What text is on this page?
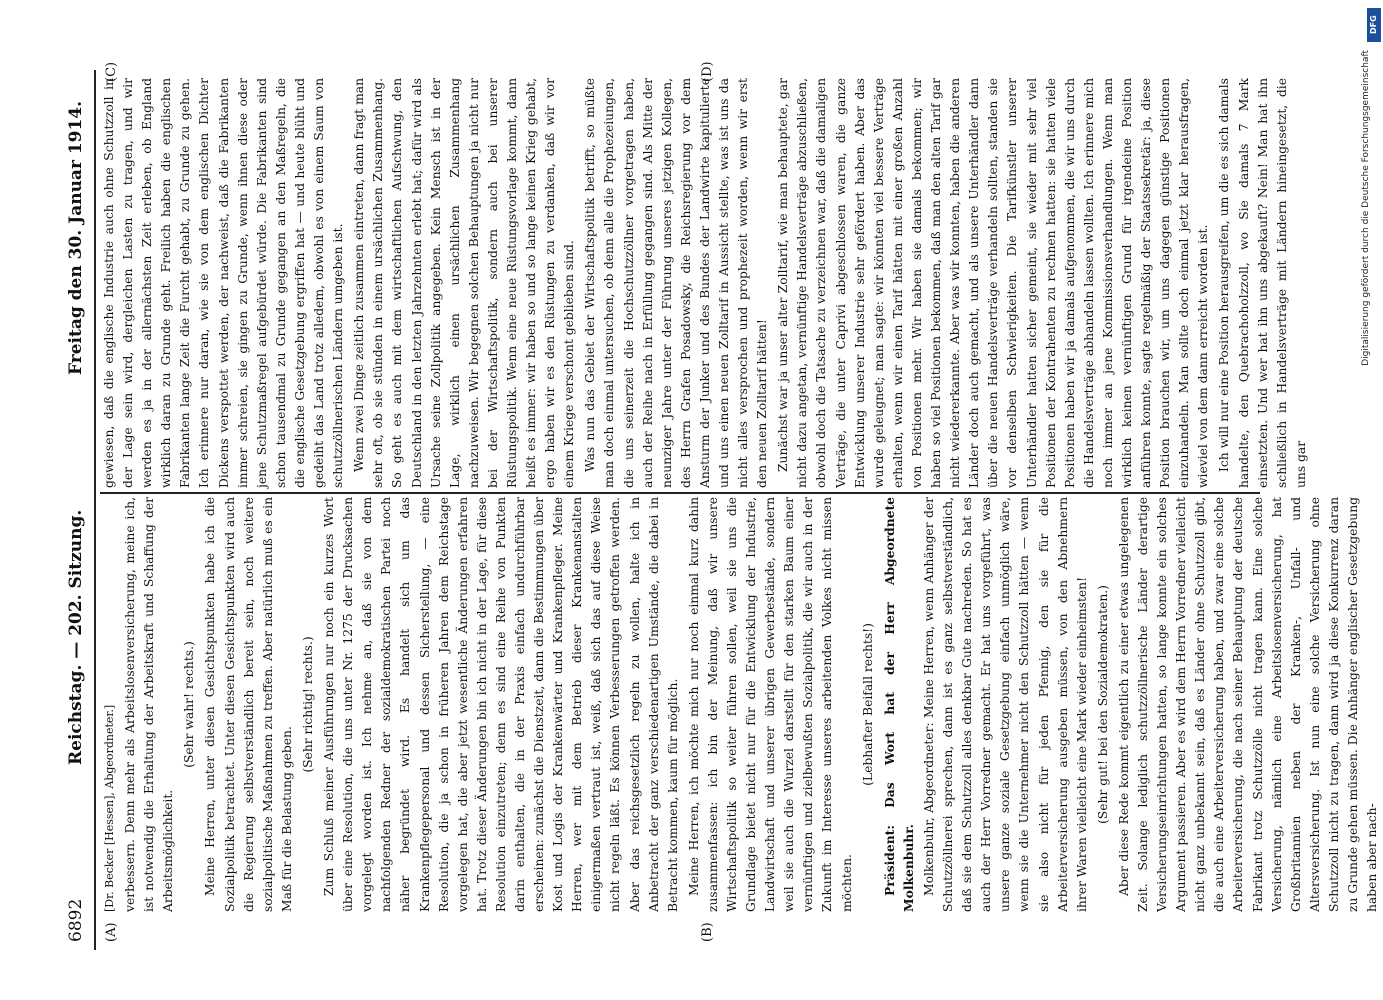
6892
Reichstag. — 202. Sitzung.
Freitag den 30. Januar 1914.
(A)	(B)
(C)	(D)

[Dr. Becker [Hessen], Abgeordneter.] verbessern. Denn mehr als Arbeitslosenversicherung, meine ich, ist notwendig die Erhaltung der Arbeitskraft und Schaffung der Arbeitsmöglichkeit.

(Sehr wahr! rechts.) Meine Herren, unter diesen Gesichtspunkten habe ich die Sozialpolitik betrachtet. Unter diesen Gesichtspunkten wird auch die Regierung selbstverständlich bereit sein, noch weitere sozialpolitische Maßnahmen zu treffen. Aber natürlich muß es ein Maß für die Belastung geben.

(Sehr richtig! rechts.) Zum Schluß meiner Ausführungen nur noch ein kurzes Wort über eine Resolution, die uns unter Nr. 1275 der Drucksachen vorgelegt worden ist. Ich nehme an, daß sie von dem nachfolgenden Redner der sozialdemokratischen Partei noch näher begründet wird. Es handelt sich um das Krankenpflegepersonal und dessen Sicherstellung, — eine Resolution, die ja schon in früheren Jahren dem Reichstage vorgelegen hat, die aber jetzt wesentliche Änderungen erfahren hat. Trotz dieser Änderungen bin ich nicht in der Lage, für diese Resolution einzutreten; denn es sind eine Reihe von Punkten darin enthalten, die in der Praxis einfach undurchführbar erscheinen: zunächst die Dienstzeit, dann die Bestimmungen über Kost und Logis der Krankenwärter und Krankenpfleger. Meine Herren, wer mit dem Betrieb dieser Krankenanstalten einigermaßen vertraut ist, weiß, daß sich das auf diese Weise nicht regeln läßt. Es können Verbesserungen getroffen werden. Aber das reichsgesetzlich regeln zu wollen, halte ich in Anbetracht der ganz verschiedenartigen Umstände, die dabei in Betracht kommen, kaum für möglich. Meine Herren, ich möchte mich nur noch einmal kurz dahin zusammenfassen: ich bin der Meinung, daß wir unsere Wirtschaftspolitik so weiter führen sollen, weil sie uns die Grundlage bietet nicht nur für die Entwicklung der Industrie, Landwirtschaft und unserer übrigen Gewerbestände, sondern weil sie auch die Wurzel darstellt für den starken Baum einer vernünftigen und zielbewußten Sozialpolitik, die wir auch in der Zukunft im Interesse unseres arbeitenden Volkes nicht missen möchten.

(Lebhafter Beifall rechts!) Präsident: Das Wort hat der Herr Abgeordnete Molkenbuhr. Molkenbuhr, Abgeordneter: Meine Herren, wenn Anhänger der Schutzzöllnerei sprechen, dann ist es ganz selbstverständlich, daß sie dem Schutzzoll alles denkbar Gute nachreden. So hat es auch der Herr Vorredner gemacht. Er hat uns vorgeführt, was unsere ganze soziale Gesetzgebung einfach unmöglich wäre, wenn sie die Unternehmer nicht den Schutzzoll hätten — wenn sie also nicht für jeden Pfennig, den sie für die Arbeiterversicherung ausgeben müssen, von den Abnehmern ihrer Waren vielleicht eine Mark wieder einheimsten! (Sehr gut! bei den Sozialdemokraten.) Aber diese Rede kommt eigentlich zu einer etwas ungelegenen Zeit. Solange lediglich schutzzöllnerische Länder derartige Versicherungseinrichtungen hatten, so lange konnte ein solches Argument passieren. Aber es wird dem Herrn Vorredner vielleicht nicht ganz unbekannt sein, daß es Länder ohne Schutzzoll gibt, die auch eine Arbeiterversicherung haben, und zwar eine solche Arbeiterversicherung, die nach seiner Behauptung der deutsche Fabrikant trotz Schutzzölle nicht tragen kann. Eine solche Versicherung, nämlich eine Arbeitslosenversicherung, hat Großbritannien neben der Kranken-, Unfall- und Altersversicherung. Ist nun eine solche Versicherung ohne Schutzzoll nicht zu tragen, dann wird ja diese Konkurrenz daran zu Grunde gehen müssen. Die Anhänger englischer Gesetzgebung haben aber nach-

gewiesen, daß die englische Industrie auch ohne Schutzzoll in der Lage sein wird, dergleichen Lasten zu tragen, und wir werden es ja in der allernächsten Zeit erleben, ob England wirklich daran zu Grunde geht. Freilich haben die englischen Fabrikanten lange Zeit die Furcht gehabt, zu Grunde zu gehen. Ich erinnere nur daran, wie sie von dem englischen Dichter Dickens verspottet werden, der nachweist, daß die Fabrikanten immer schreien, sie gingen zu Grunde, wenn ihnen diese oder jene Schutzmaßregel aufgebürdet würde. Die Fabrikanten sind schon tausendmal zu Grunde gegangen an den Maßregeln, die die englische Gesetzgebung ergriffen hat — und heute blüht und gedeiht das Land trotz alledem, obwohl es von einem Saum von schutzzöllnerischen Ländern umgeben ist. Wenn zwei Dinge zeitlich zusammen eintreten, dann fragt man sehr oft, ob sie stünden in einem ursächlichen Zusammenhang. So geht es auch mit dem wirtschaftlichen Aufschwung, den Deutschland in den letzten Jahrzehnten erlebt hat; dafür wird als Ursache seine Zollpolitik angegeben. Kein Mensch ist in der Lage, wirklich einen ursächlichen Zusammenhang nachzuweisen. Wir begegnen solchen Behauptungen ja nicht nur bei der Wirtschaftspolitik, sondern auch bei unserer Rüstungspolitik. Wenn eine neue Rüstungsvorlage kommt, dann heißt es immer: wir haben so und so lange keinen Krieg gehabt, ergo haben wir es den Rüstungen zu verdanken, daß wir vor einem Kriege verschont geblieben sind. Was nun das Gebiet der Wirtschaftspolitik betrifft, so müßte man doch einmal untersuchen, ob denn alle die Prophezeiungen, die uns seinerzeit die Hochschutzzöllner vorgetragen haben, auch der Reihe nach in Erfüllung gegangen sind. Als Mitte der neunziger Jahre unter der Führung unseres jetzigen Kollegen, des Herrn Grafen Posadowsky, die Reichsregierung vor dem Ansturm der Junker und des Bundes der Landwirte kapitulierte und uns einen neuen Zolltarif in Aussicht stellte, was ist uns da nicht alles versprochen und prophezeit worden, wenn wir erst den neuen Zolltarif hätten! Zunächst war ja unser alter Zolltarif, wie man behauptete, gar nicht dazu angetan, vernünftige Handelsverträge abzuschließen, obwohl doch die Tatsache zu verzeichnen war, daß die damaligen Verträge, die unter Caprivi abgeschlossen waren, die ganze Entwicklung unserer Industrie sehr gefördert haben. Aber das wurde geleugnet; man sagte: wir könnten viel bessere Verträge erhalten, wenn wir einen Tarif hätten mit einer großen Anzahl von Positionen mehr. Wir haben sie damals bekommen; wir haben so viel Positionen bekommen, daß man den alten Tarif gar nicht wiedererkannte. Aber was wir konnten, haben die anderen Länder doch auch gemacht, und als unsere Unterhändler dann über die neuen Handelsverträge verhandeln sollten, standen sie vor denselben Schwierigkeiten. Die Tarifkünstler unserer Unterhändler hatten sicher gemeint, sie wieder mit sehr viel Positionen der Kontrahenten zu rechnen hatten: sie hatten viele Positionen haben wir ja damals aufgenommen, die wir uns durch die Handelsverträge abhandeln lassen wollten. Ich erinnere mich noch immer an jene Kommissionsverhandlungen. Wenn man wirklich keinen vernünftigen Grund für irgendeine Position anführen konnte, sagte regelmäßig der Staatssekretär: ja, diese Position brauchen wir, um uns dagegen günstige Positionen einzuhandeln. Man sollte doch einmal jetzt klar herausfragen, wieviel von dem dann erreicht worden ist. Ich will nur eine Position herausgreifen, um die es sich damals handelte, den Quebrachoholzzoll, wo Sie damals 7 Mark einsetzten. Und wer hat ihn uns abgekauft? Nein! Man hat ihn schließlich in Handelsverträge mit Ländern hineingesetzt, die uns gar

DFG
Digitalisierung gefördert durch die Deutsche Forschungsgemeinschaft
